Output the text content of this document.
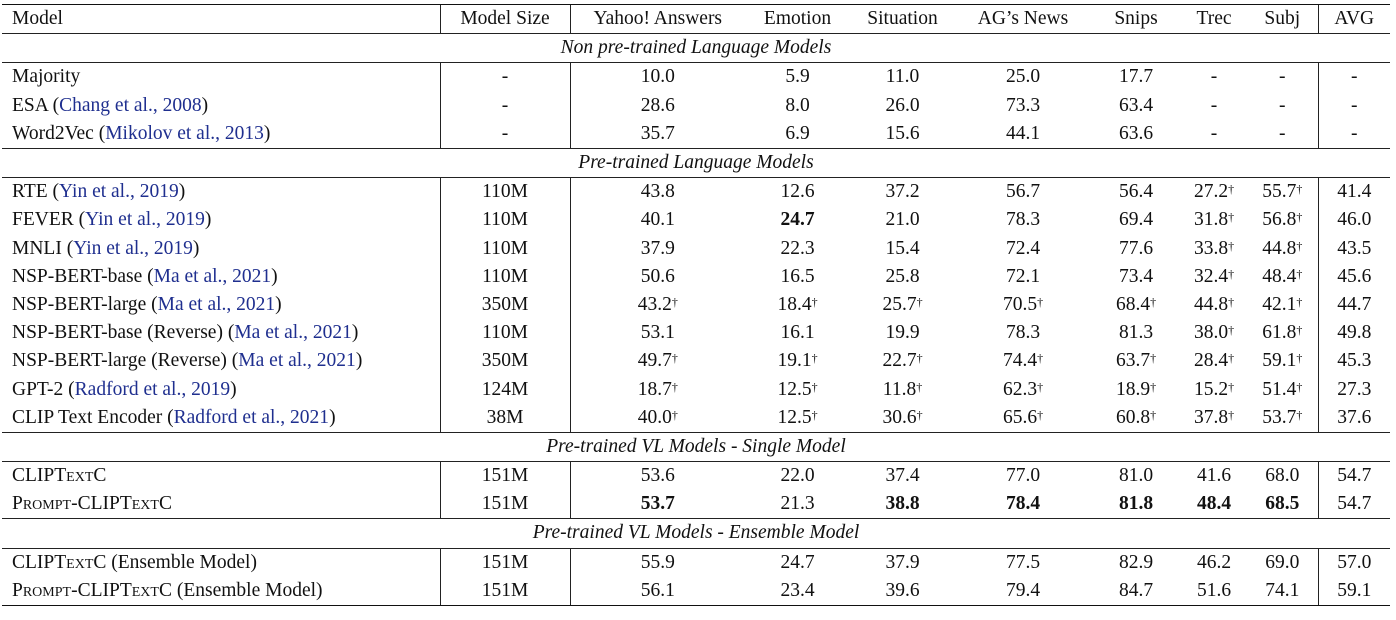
Model	Model Size	Yahoo! Answers	Emotion	Situation	AG’s News	Snips	Trec	Subj	AVG
Non pre-trained Language Models									
Majority	-	10.0	5.9	11.0	25.0	17.7	-	-	-
ESA (Chang et al., 2008)	-	28.6	8.0	26.0	73.3	63.4	-	-	-
Word2Vec (Mikolov et al., 2013)	-	35.7	6.9	15.6	44.1	63.6	-	-	-
Pre-trained Language Models									
RTE (Yin et al., 2019)	110M	43.8	12.6	37.2	56.7	56.4	27.2†	55.7†	41.4
FEVER (Yin et al., 2019)	110M	40.1	24.7	21.0	78.3	69.4	31.8†	56.8†	46.0
MNLI (Yin et al., 2019)	110M	37.9	22.3	15.4	72.4	77.6	33.8†	44.8†	43.5
NSP-BERT-base (Ma et al., 2021)	110M	50.6	16.5	25.8	72.1	73.4	32.4†	48.4†	45.6
NSP-BERT-large (Ma et al., 2021)	350M	43.2†	18.4†	25.7†	70.5†	68.4†	44.8†	42.1†	44.7
NSP-BERT-base (Reverse) (Ma et al., 2021)	110M	53.1	16.1	19.9	78.3	81.3	38.0†	61.8†	49.8
NSP-BERT-large (Reverse) (Ma et al., 2021)	350M	49.7†	19.1†	22.7†	74.4†	63.7†	28.4†	59.1†	45.3
GPT-2 (Radford et al., 2019)	124M	18.7†	12.5†	11.8†	62.3†	18.9†	15.2†	51.4†	27.3
CLIP Text Encoder (Radford et al., 2021)	38M	40.0†	12.5†	30.6†	65.6†	60.8†	37.8†	53.7†	37.6
Pre-trained VL Models - Single Model									
CLIPTextC	151M	53.6	22.0	37.4	77.0	81.0	41.6	68.0	54.7
Prompt-CLIPTextC	151M	53.7	21.3	38.8	78.4	81.8	48.4	68.5	54.7
Pre-trained VL Models - Ensemble Model									
CLIPTextC (Ensemble Model)	151M	55.9	24.7	37.9	77.5	82.9	46.2	69.0	57.0
Prompt-CLIPTextC (Ensemble Model)	151M	56.1	23.4	39.6	79.4	84.7	51.6	74.1	59.1
